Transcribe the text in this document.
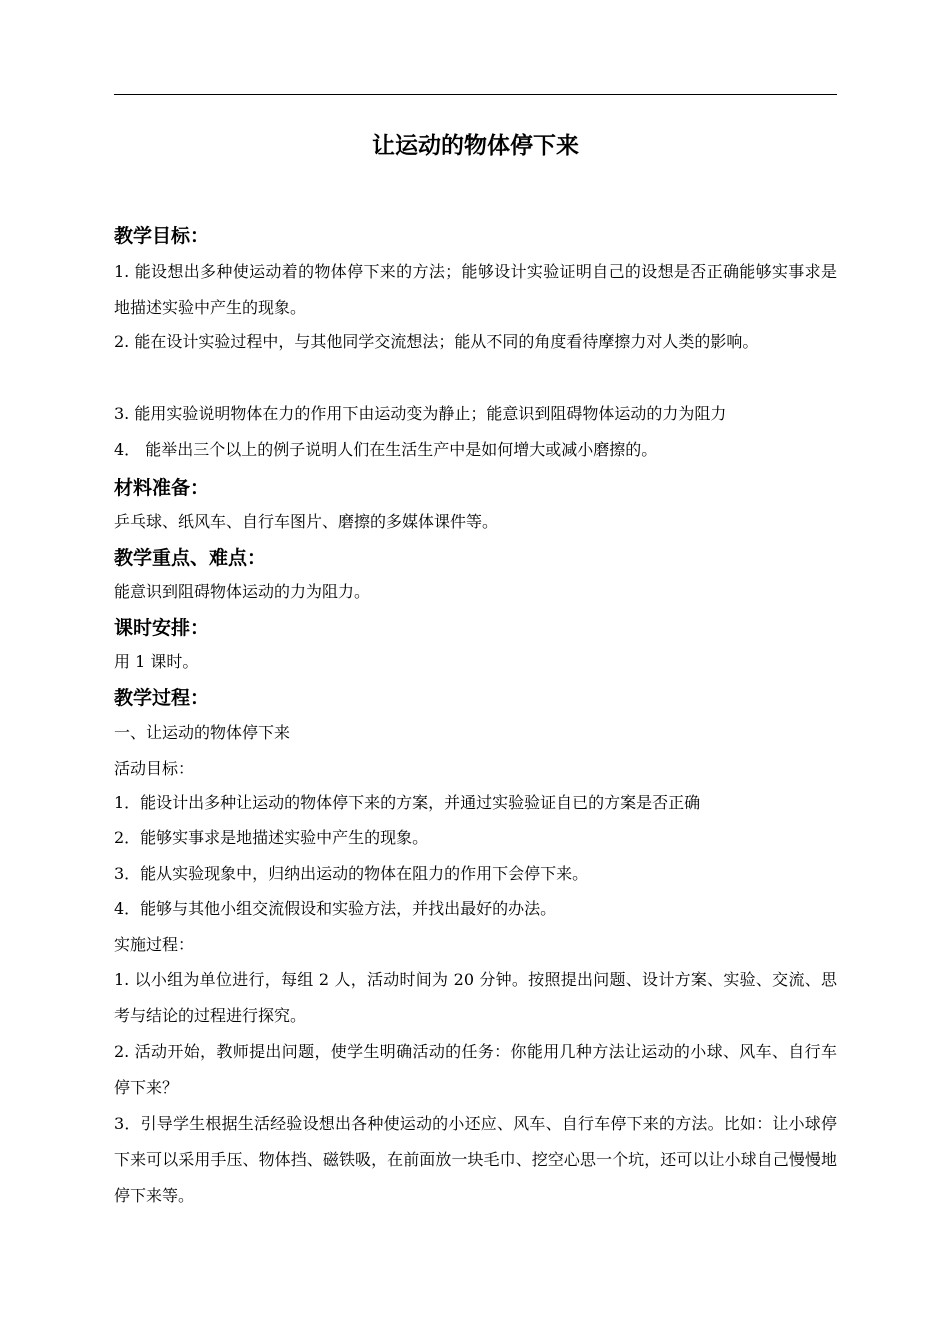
让运动的物体停下来
教学目标：

1. 能设想出多种使运动着的物体停下来的方法；能够设计实验证明自己的设想是否正确能够实事求是地描述实验中产生的现象。

2. 能在设计实验过程中，与其他同学交流想法；能从不同的角度看待摩擦力对人类的影响。

3. 能用实验说明物体在力的作用下由运动变为静止；能意识到阻碍物体运动的力为阻力

4． 能举出三个以上的例子说明人们在生活生产中是如何增大或减小磨擦的。

材料准备：

乒乓球、纸风车、自行车图片、磨擦的多媒体课件等。

教学重点、难点：

能意识到阻碍物体运动的力为阻力。

课时安排：

用 1 课时。

教学过程：

一、让运动的物体停下来

活动目标：

1．能设计出多种让运动的物体停下来的方案，并通过实验验证自已的方案是否正确

2．能够实事求是地描述实验中产生的现象。

3．能从实验现象中，归纳出运动的物体在阻力的作用下会停下来。

4．能够与其他小组交流假设和实验方法，并找出最好的办法。

实施过程：

1. 以小组为单位进行，每组 2 人，活动时间为 20 分钟。按照提出问题、设计方案、实验、交流、思考与结论的过程进行探究。

2. 活动开始，教师提出问题，使学生明确活动的任务：你能用几种方法让运动的小球、风车、自行车停下来？

3．引导学生根据生活经验设想出各种使运动的小还应、风车、自行车停下来的方法。比如：让小球停下来可以采用手压、物体挡、磁铁吸，在前面放一块毛巾、挖空心思一个坑，还可以让小球自己慢慢地停下来等。
